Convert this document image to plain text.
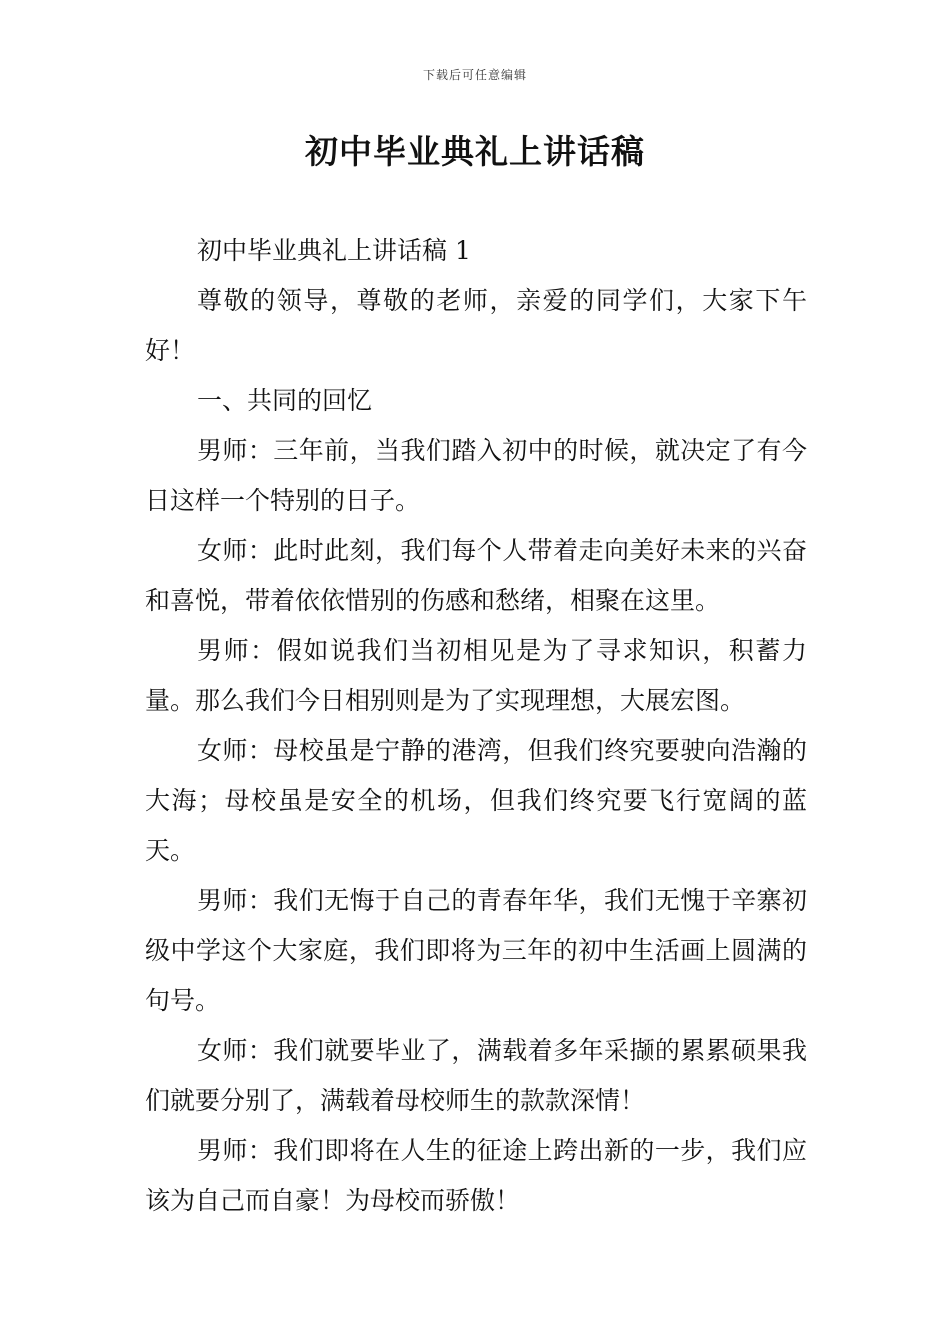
下载后可任意编辑
初中毕业典礼上讲话稿

初中毕业典礼上讲话稿 1

尊敬的领导，尊敬的老师，亲爱的同学们，大家下午好！

一、共同的回忆

男师：三年前，当我们踏入初中的时候，就决定了有今日这样一个特别的日子。

女师：此时此刻，我们每个人带着走向美好未来的兴奋和喜悦，带着依依惜别的伤感和愁绪，相聚在这里。

男师：假如说我们当初相见是为了寻求知识，积蓄力量。那么我们今日相别则是为了实现理想，大展宏图。

女师：母校虽是宁静的港湾，但我们终究要驶向浩瀚的大海；母校虽是安全的机场，但我们终究要飞行宽阔的蓝天。

男师：我们无悔于自己的青春年华，我们无愧于辛寨初级中学这个大家庭，我们即将为三年的初中生活画上圆满的句号。

女师：我们就要毕业了，满载着多年采撷的累累硕果我们就要分别了，满载着母校师生的款款深情！

男师：我们即将在人生的征途上跨出新的一步，我们应该为自己而自豪！为母校而骄傲！
